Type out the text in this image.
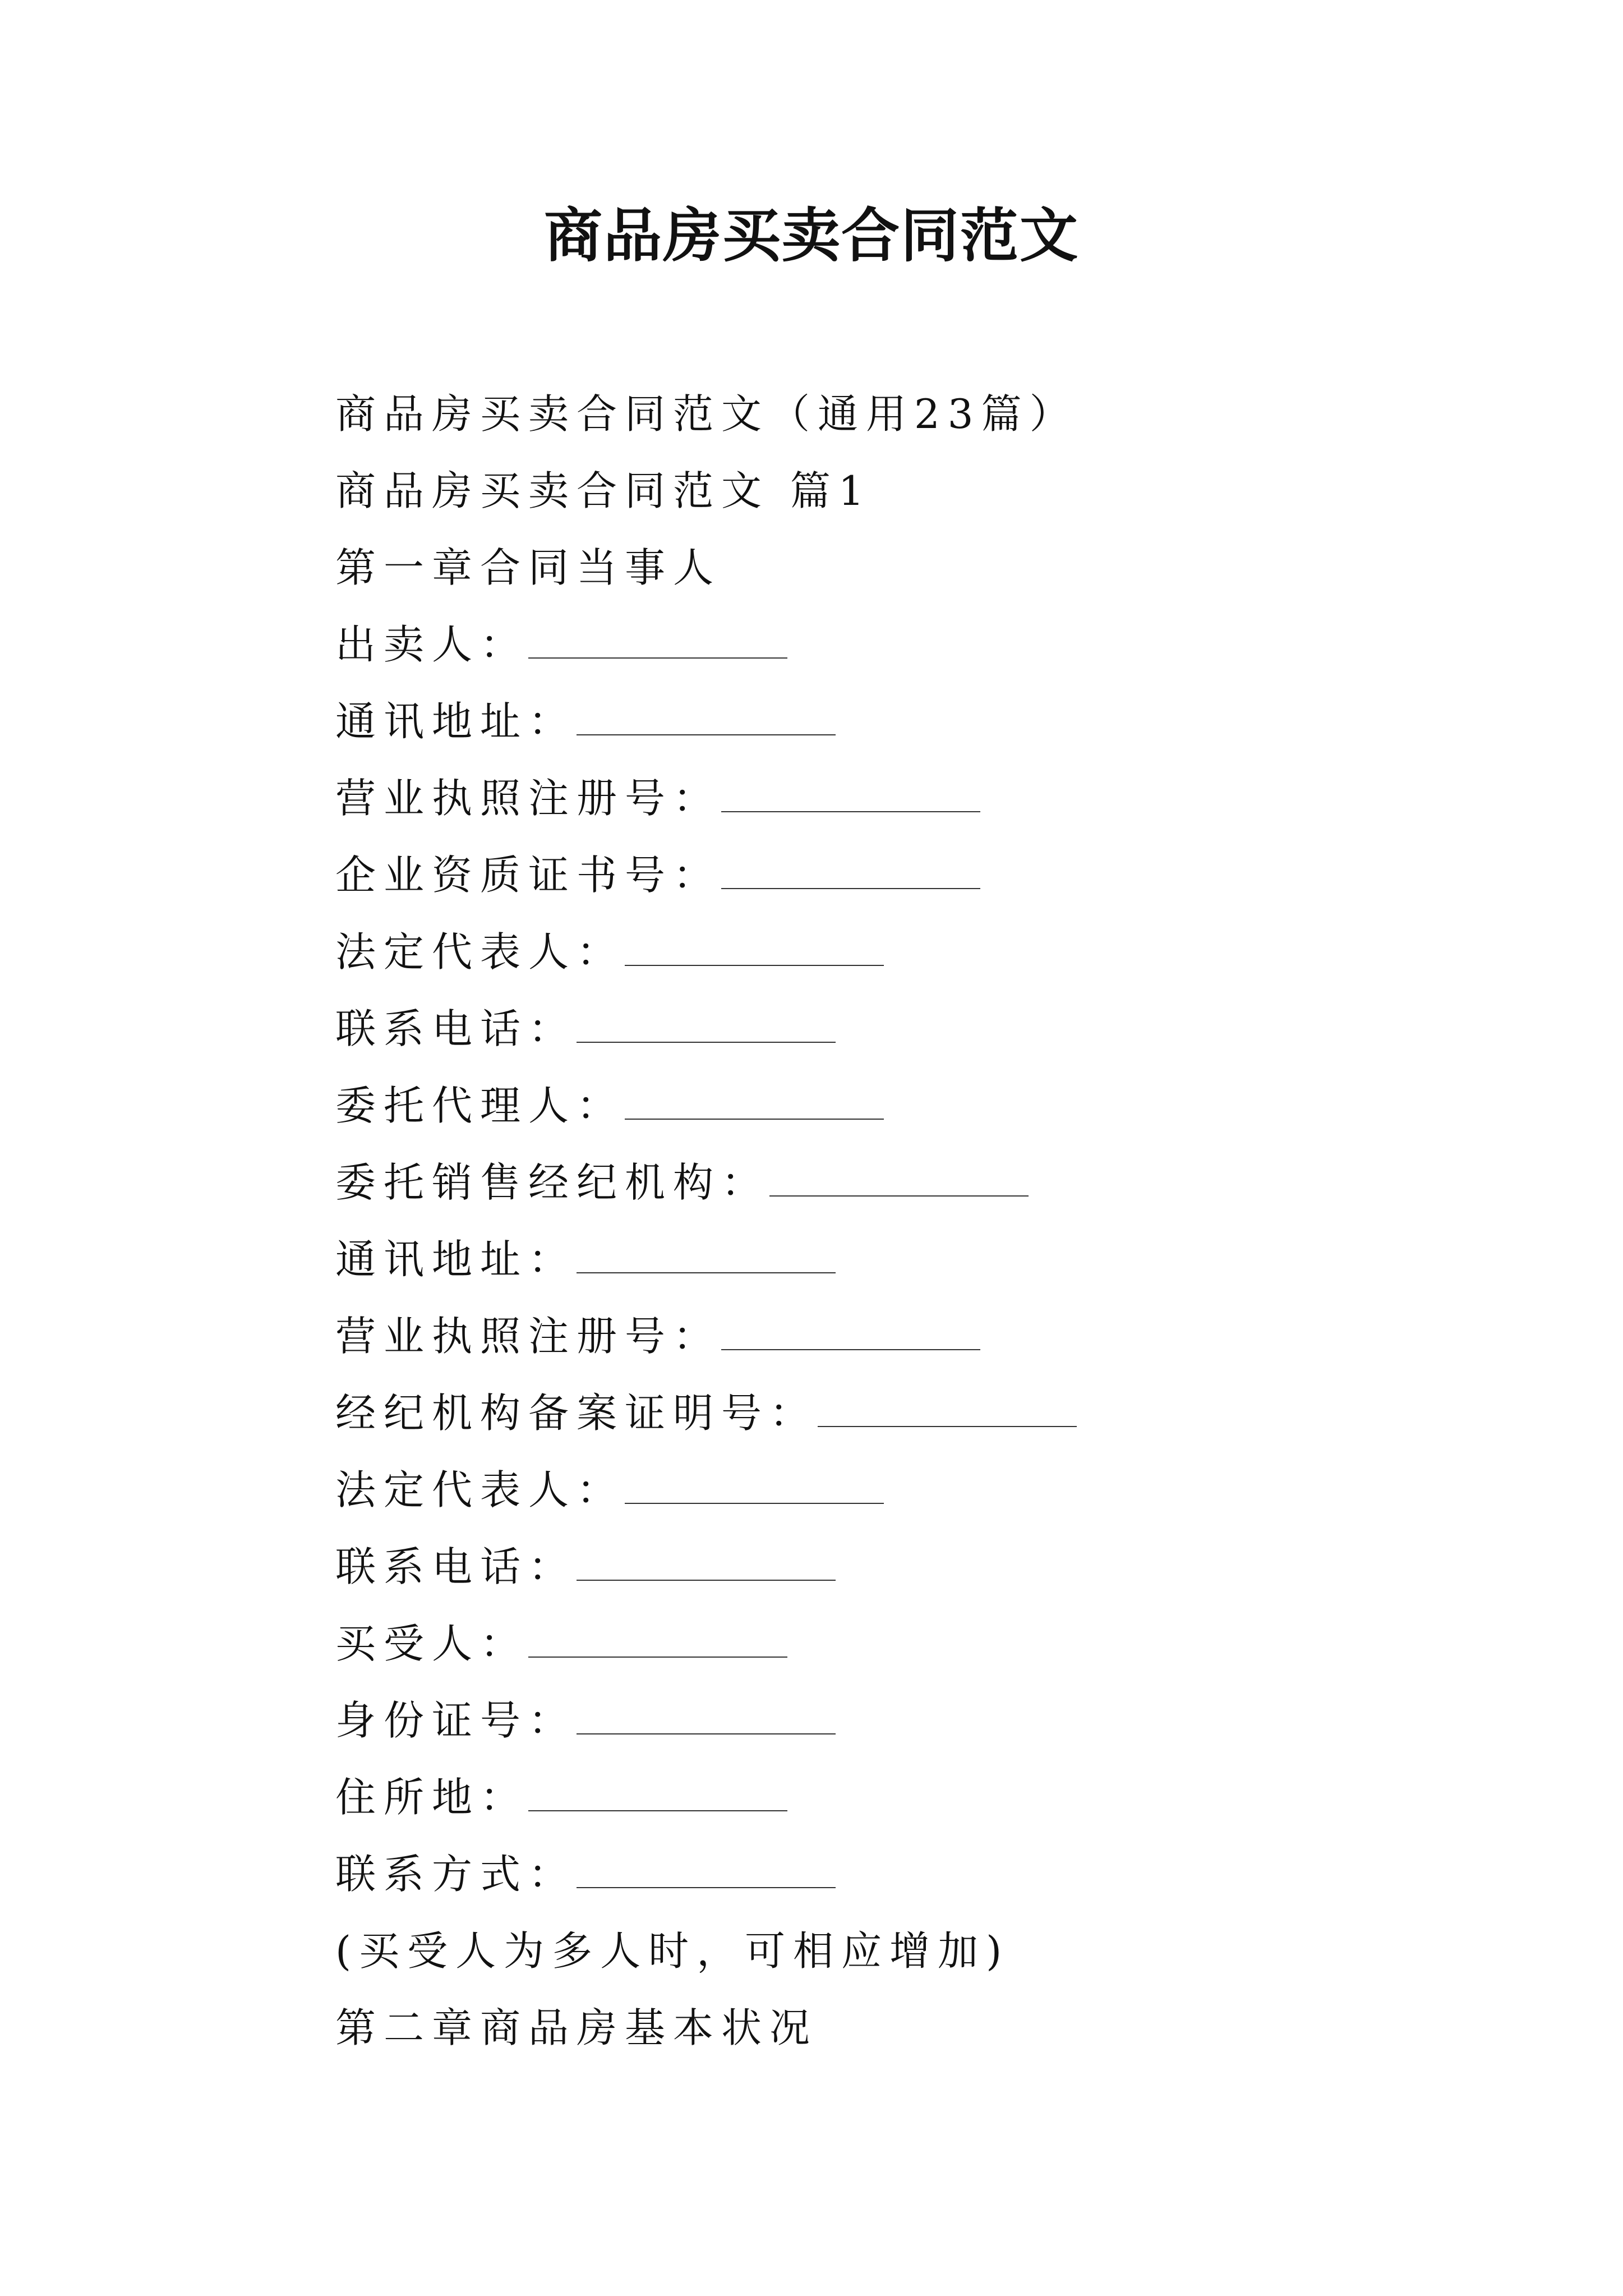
商品房买卖合同范文
商品房买卖合同范文（通用23篇）
商品房买卖合同范文 篇1
第一章合同当事人
出卖人：
通讯地址：
营业执照注册号：
企业资质证书号：
法定代表人：
联系电话：
委托代理人：
委托销售经纪机构：
通讯地址：
营业执照注册号：
经纪机构备案证明号：
法定代表人：
联系电话：
买受人：
身份证号：
住所地：
联系方式：
(买受人为多人时，可相应增加)
第二章商品房基本状况
